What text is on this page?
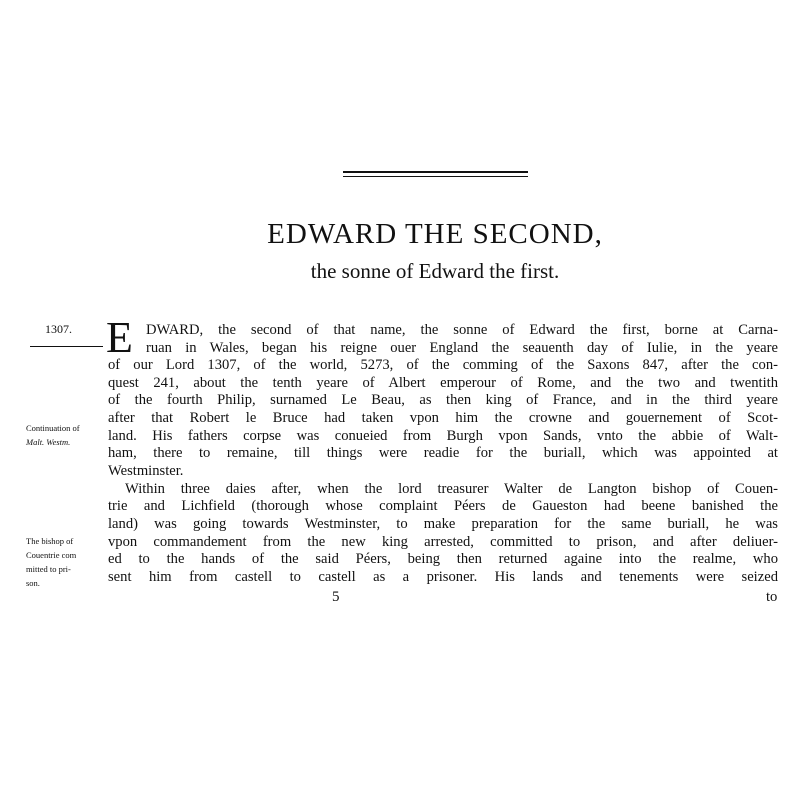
EDWARD THE SECOND,
the sonne of Edward the first.
1307.
Continuation of
Malt. Westm.
The bishop of
Couentrie com
mitted to pri-
son.
E DWARD, the second of that name, the sonne of Edward the first, borne at Carna-
ruan in Wales, began his reigne ouer England the seauenth day of Iulie, in the yeare
of our Lord 1307, of the world, 5273, of the comming of the Saxons 847, after the con-
quest 241, about the tenth yeare of Albert emperour of Rome, and the two and twentith
of the fourth Philip, surnamed Le Beau, as then king of France, and in the third yeare
after that Robert le Bruce had taken vpon him the crowne and gouernement of Scot-
land. His fathers corpse was conueied from Burgh vpon Sands, vnto the abbie of Walt-
ham, there to remaine, till things were readie for the buriall, which was appointed at
Westminster.
Within three daies after, when the lord treasurer Walter de Langton bishop of Couen-
trie and Lichfield (thorough whose complaint Péers de Gaueston had beene banished the
land) was going towards Westminster, to make preparation for the same buriall, he was
vpon commandement from the new king arrested, committed to prison, and after deliuer-
ed to the hands of the said Péers, being then returned againe into the realme, who
sent him from castell to castell as a prisoner. His lands and tenements were seized
5	to
